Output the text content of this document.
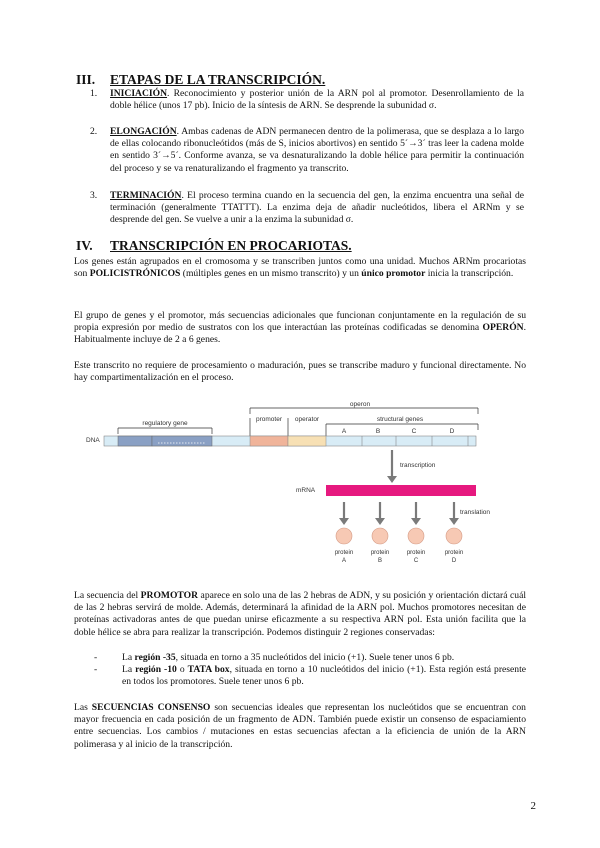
III. ETAPAS DE LA TRANSCRIPCIÓN.
1. INICIACIÓN. Reconocimiento y posterior unión de la ARN pol al promotor. Desenrollamiento de la doble hélice (unos 17 pb). Inicio de la síntesis de ARN. Se desprende la subunidad σ.
2. ELONGACIÓN. Ambas cadenas de ADN permanecen dentro de la polimerasa, que se desplaza a lo largo de ellas colocando ribonucleótidos (más de S, inicios abortivos) en sentido 5´→3´ tras leer la cadena molde en sentido 3´→5´. Conforme avanza, se va desnaturalizando la doble hélice para permitir la continuación del proceso y se va renaturalizando el fragmento ya transcrito.
3. TERMINACIÓN. El proceso termina cuando en la secuencia del gen, la enzima encuentra una señal de terminación (generalmente TTATTT). La enzima deja de añadir nucleótidos, libera el ARNm y se desprende del gen. Se vuelve a unir a la enzima la subunidad σ.
IV. TRANSCRIPCIÓN EN PROCARIOTAS.
Los genes están agrupados en el cromosoma y se transcriben juntos como una unidad. Muchos ARNm procariotas son POLICISTRÓNICOS (múltiples genes en un mismo transcrito) y un único promotor inicia la transcripción.
El grupo de genes y el promotor, más secuencias adicionales que funcionan conjuntamente en la regulación de su propia expresión por medio de sustratos con los que interactúan las proteínas codificadas se denomina OPERÓN. Habitualmente incluye de 2 a 6 genes.
Este transcrito no requiere de procesamiento o maduración, pues se transcribe maduro y funcional directamente. No hay compartimentalización en el proceso.
operon
structural genes
regulatory gene
promoter operator
A	B	C	D
DNA
transcription
mRNA
translation
protein
A
protein
B
protein
C
protein
D
La secuencia del PROMOTOR aparece en solo una de las 2 hebras de ADN, y su posición y orientación dictará cuál de las 2 hebras servirá de molde. Además, determinará la afinidad de la ARN pol. Muchos promotores necesitan de proteínas activadoras antes de que puedan unirse eficazmente a su respectiva ARN pol. Esta unión facilita que la doble hélice se abra para realizar la transcripción. Podemos distinguir 2 regiones conservadas:
-	La región -35, situada en torno a 35 nucleótidos del inicio (+1). Suele tener unos 6 pb.
-	La región -10 o TATA box, situada en torno a 10 nucleótidos del inicio (+1). Esta región está presente en todos los promotores. Suele tener unos 6 pb.
Las SECUENCIAS CONSENSO son secuencias ideales que representan los nucleótidos que se encuentran con mayor frecuencia en cada posición de un fragmento de ADN. También puede existir un consenso de espaciamiento entre secuencias. Los cambios / mutaciones en estas secuencias afectan a la eficiencia de unión de la ARN polimerasa y al inicio de la transcripción.
2
